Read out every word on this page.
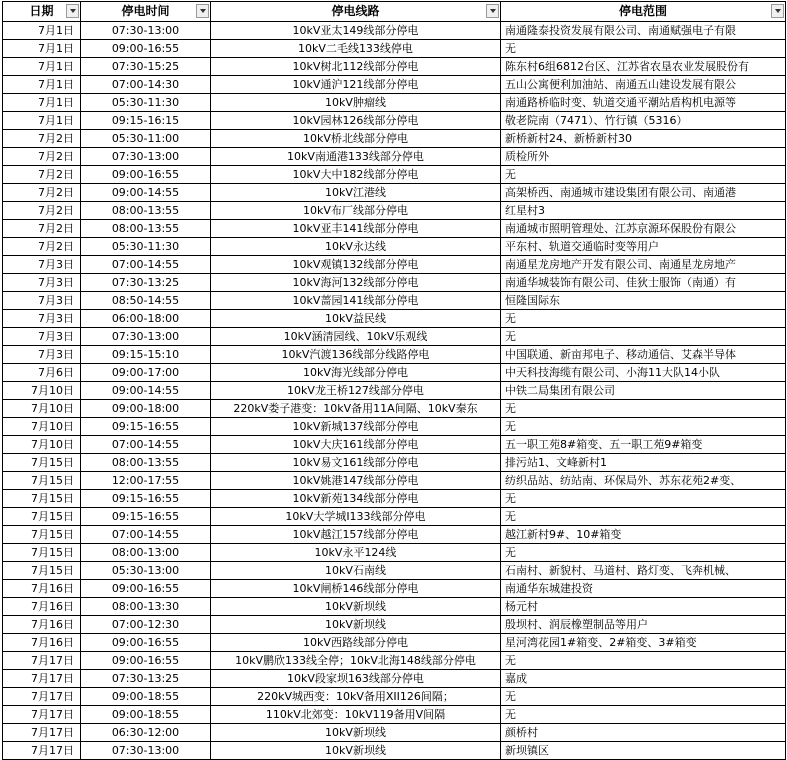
日期	停电时间	停电线路	停电范围

7月1日	07:30-13:00	10kV亚太149线部分停电	南通隆泰投资发展有限公司、南通赋强电子有限
7月1日	09:00-16:55	10kV二毛线133线停电	无
7月1日	07:30-15:25	10kV树北112线部分停电	陈东村6组6812台区、江苏省农垦农业发展股份有
7月1日	07:00-14:30	10kV通沪121线部分停电	五山公寓便利加油站、南通五山建设发展有限公
7月1日	05:30-11:30	10kV肿瘤线	南通路桥临时变、轨道交通平潮站盾构机电源等
7月1日	09:15-16:15	10kV园林126线部分停电	敬老院南（7471）、竹行镇（5316）
7月2日	05:30-11:00	10kV桥北线部分停电	新桥新村24、新桥新村30
7月2日	07:30-13:00	10kV南通港133线部分停电	质检所外
7月2日	09:00-16:55	10kV大中182线部分停电	无
7月2日	09:00-14:55	10kV江港线	高架桥西、南通城市建设集团有限公司、南通港
7月2日	08:00-13:55	10kV布厂线部分停电	红星村3
7月2日	08:00-13:55	10kV亚丰141线部分停电	南通城市照明管理处、江苏京源环保股份有限公
7月2日	05:30-11:30	10kV永达线	平东村、轨道交通临时变等用户
7月3日	07:00-14:55	10kV观镇132线部分停电	南通星龙房地产开发有限公司、南通星龙房地产
7月3日	07:30-13:25	10kV海河132线部分停电	南通华城装饰有限公司、佳狄士服饰（南通）有
7月3日	08:50-14:55	10kV蔷园141线部分停电	恒隆国际东
7月3日	06:00-18:00	10kV益民线	无
7月3日	07:30-13:00	10kV涵清园线、10kV乐观线	无
7月3日	09:15-15:10	10kV汽渡136线部分线路停电	中国联通、新亩邦电子、移动通信、艾森半导体
7月6日	09:00-17:00	10kV海光线部分停电	中天科技海缆有限公司、小海11大队14小队
7月10日	09:00-14:55	10kV龙王桥127线部分停电	中铁二局集团有限公司
7月10日	09:00-18:00	220kV娄子港变：10kV备用11A间隔、10kV秦东	无
7月10日	09:15-16:55	10kV新城137线部分停电	无
7月10日	07:00-14:55	10kV大庆161线部分停电	五一职工苑8#箱变、五一职工苑9#箱变
7月15日	08:00-13:55	10kV易文161线部分停电	排污站1、文峰新村1
7月15日	12:00-17:55	10kV姚港147线部分停电	纺织品站、纺站南、环保局外、苏东花苑2#变、
7月15日	09:15-16:55	10kV新苑134线部分停电	无
7月15日	09:15-16:55	10kV大学城I133线部分停电	无
7月15日	07:00-14:55	10kV越江157线部分停电	越江新村9#、10#箱变
7月15日	08:00-13:00	10kV永平124线	无
7月15日	05:30-13:00	10kV石南线	石南村、新貌村、马道村、路灯变、飞奔机械、
7月16日	09:00-16:55	10kV闸桥146线部分停电	南通华东城建投资
7月16日	08:00-13:30	10kV新坝线	杨元村
7月16日	07:00-12:30	10kV新坝线	殷坝村、润辰橡塑制品等用户
7月16日	09:00-16:55	10kV西路线部分停电	星河湾花园1#箱变、2#箱变、3#箱变
7月17日	09:00-16:55	10kV鹏欣133线全停；10kV北海148线部分停电	无
7月17日	07:30-13:25	10kV段家坝163线部分停电	嘉成
7月17日	09:00-18:55	220kV城西变：10kV备用XII126间隔；	无
7月17日	09:00-18:55	110kV北郊变：10kV119备用V间隔	无
7月17日	06:30-12:00	10kV新坝线	颜桥村
7月17日	07:30-13:00	10kV新坝线	新坝镇区
